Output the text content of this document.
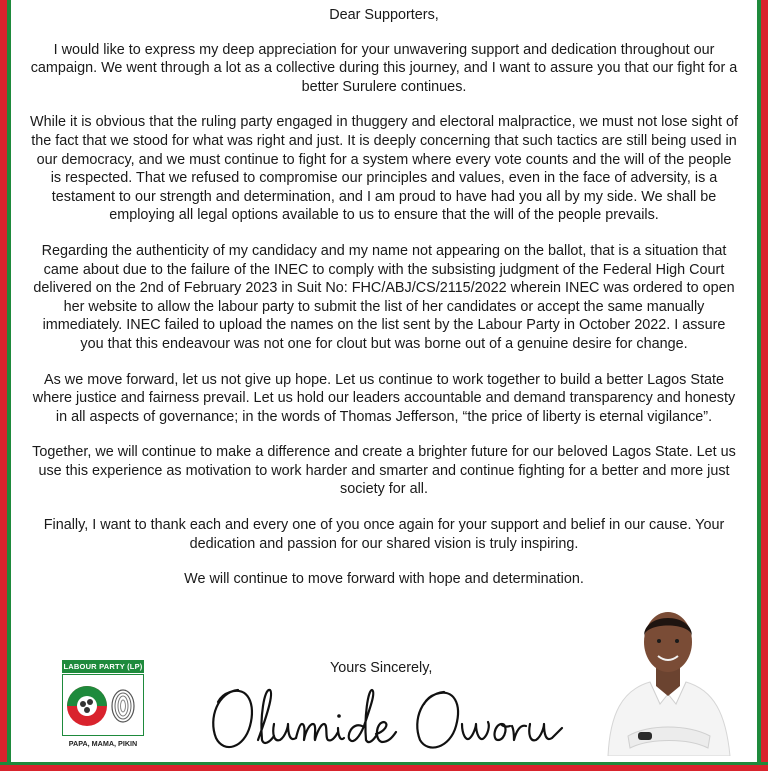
Dear Supporters,

I would like to express my deep appreciation for your unwavering support and dedication throughout our campaign. We went through a lot as a collective during this journey, and I want to assure you that our fight for a better Surulere continues.

While it is obvious that the ruling party engaged in thuggery and electoral malpractice, we must not lose sight of the fact that we stood for what was right and just. It is deeply concerning that such tactics are still being used in our democracy, and we must continue to fight for a system where every vote counts and the will of the people is respected. That we refused to compromise our principles and values, even in the face of adversity, is a testament to our strength and determination, and I am proud to have had you all by my side. We shall be employing all legal options available to us to ensure that the will of the people prevails.

Regarding the authenticity of my candidacy and my name not appearing on the ballot, that is a situation that came about due to the failure of the INEC to comply with the subsisting judgment of the Federal High Court delivered on the 2nd of February 2023 in Suit No: FHC/ABJ/CS/2115/2022 wherein INEC was ordered to open her website to allow the labour party to submit the list of her candidates or accept the same manually immediately. INEC failed to upload the names on the list sent by the Labour Party in October 2022. I assure you that this endeavour was not one for clout but was borne out of a genuine desire for change.

As we move forward, let us not give up hope. Let us continue to work together to build a better Lagos State where justice and fairness prevail. Let us hold our leaders accountable and demand transparency and honesty in all aspects of governance; in the words of Thomas Jefferson, “the price of liberty is eternal vigilance”.

Together, we will continue to make a difference and create a brighter future for our beloved Lagos State. Let us use this experience as motivation to work harder and smarter and continue fighting for a better and more just society for all.

Finally, I want to thank each and every one of you once again for your support and belief in our cause. Your dedication and passion for our shared vision is truly inspiring.

We will continue to move forward with hope and determination.

Yours Sincerely,
LABOUR PARTY (LP)
PAPA, MAMA, PIKIN
